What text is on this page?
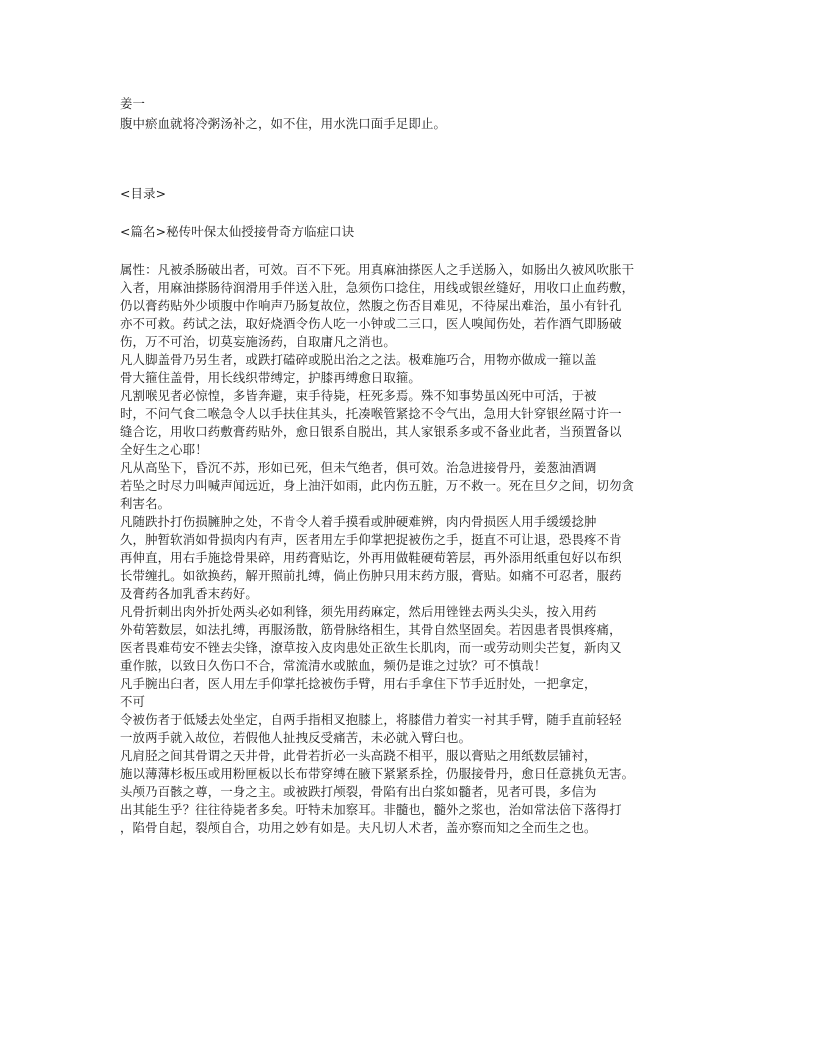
姜一

腹中瘀血就将冷粥汤补之，如不住，用水洗口面手足即止。

<目录>

<篇名>秘传叶保太仙授接骨奇方临症口诀

属性：凡被杀肠破出者，可效。百不下死。用真麻油搽医人之手送肠入，如肠出久被风吹胀干

入者，用麻油搽肠待润滑用手伴送入肚，急须伤口捻住，用线或银丝缝好，用收口止血药敷，

仍以膏药贴外少顷腹中作响声乃肠复故位，然腹之伤否目难见，不待屎出难治，虽小有针孔

亦不可救。药试之法，取好烧酒令伤人吃一小钟或二三口，医人嗅闻伤处，若作酒气即肠破

伤，万不可治，切莫妄施汤药，自取庸凡之消也。

凡人脚盖骨乃另生者，或跌打磕碎或脱出治之之法。极难施巧合，用物亦做成一箍以盖

骨大箍住盖骨，用长线织带缚定，护膝再缚愈日取箍。

凡割喉见者必惊惶，多皆奔避，束手待毙，枉死多焉。殊不知事势虽凶死中可活，于被

时，不问气食二喉急令人以手扶住其头，托凑喉管紧捻不令气出，急用大针穿银丝隔寸许一

缝合讫，用收口药敷膏药贴外，愈日银系自脱出，其人家银系多或不备业此者，当预置备以

全好生之心耶！

凡从高坠下，昏沉不苏，形如已死，但未气绝者，俱可效。治急进接骨丹，姜葱油酒调

若坠之时尽力叫喊声闻远近，身上油汗如雨，此内伤五脏，万不救一。死在旦夕之间，切勿贪

利害名。

凡随跌扑打伤损臃肿之处，不肯令人着手摸看或肿硬难辨，肉内骨损医人用手缓缓捻肿

久，肿暂软消如骨损肉内有声，医者用左手仰掌把捉被伤之手，挺直不可让退，恐畏疼不肯

再伸直，用右手施捻骨果碎，用药膏贴讫，外再用做鞋硬荀箬层，再外添用纸重包好以布织

长带缠扎。如欲换药，解开照前扎缚，倘止伤肿只用末药方服，膏贴。如痛不可忍者，服药

及膏药各加乳香末药好。

凡骨折刺出肉外折处两头必如利锋，须先用药麻定，然后用锉锉去两头尖头，按入用药

外荀箬数层，如法扎缚，再服汤散，筋骨脉络相生，其骨自然坚固矣。若因患者畏惧疼痛，

医者畏难苟安不锉去尖锋，潦草按入皮肉患处正欲生长肌肉，而一或劳动则尖芒复，新肉又

重作脓，以致日久伤口不合，常流清水或脓血，频仍是谁之过欤？可不慎哉！

凡手腕出臼者，医人用左手仰掌托捻被伤手臂，用右手拿住下节手近肘处，一把拿定，

不可

令被伤者于低矮去处坐定，自两手指相叉抱膝上，将膝借力着实一衬其手臂，随手直前轻轻

一放两手就入故位，若假他人扯拽反受痛苦，未必就入臂臼也。

凡肩胫之间其骨谓之天井骨，此骨若折必一头高跷不相平，服以膏贴之用纸数层铺衬，

施以薄薄杉板压或用粉匣板以长布带穿缚在腋下紧紧系拴，仍服接骨丹，愈日任意挑负无害。

头颅乃百骸之尊，一身之主。或被跌打颅裂，骨陷有出白浆如髓者，见者可畏，多信为

出其能生乎？往往待毙者多矣。吁特未加察耳。非髓也，髓外之浆也，治如常法倍下落得打

，陷骨自起，裂颅自合，功用之妙有如是。夫凡切人术者，盖亦察而知之全而生之也。
